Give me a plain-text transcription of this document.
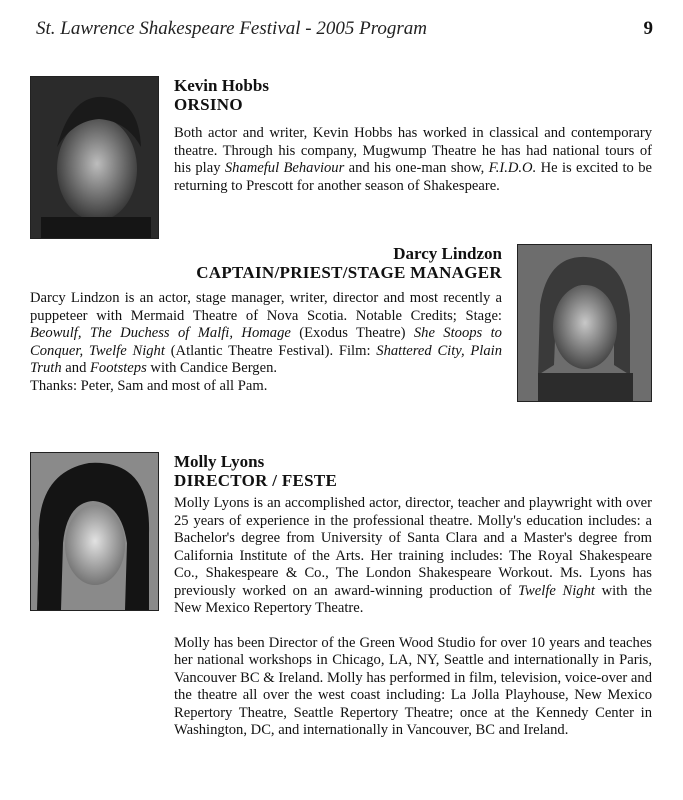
St. Lawrence Shakespeare Festival - 2005 Program	9
Kevin Hobbs
ORSINO

Both actor and writer, Kevin Hobbs has worked in classical and contemporary theatre. Through his company, Mugwump Theatre he has had national tours of his play Shameful Behaviour and his one-man show, F.I.D.O. He is excited to be returning to Prescott for another season of Shakespeare.

Darcy Lindzon
CAPTAIN/PRIEST/STAGE MANAGER

Darcy Lindzon is an actor, stage manager, writer, director and most recently a puppeteer with Mermaid Theatre of Nova Scotia. Notable Credits; Stage: Beowulf, The Duchess of Malfi, Homage (Exodus Theatre) She Stoops to Conquer, Twelfe Night (Atlantic Theatre Festival). Film: Shattered City, Plain Truth and Footsteps with Candice Bergen.

Thanks: Peter, Sam and most of all Pam.

Molly Lyons
DIRECTOR / FESTE

Molly Lyons is an accomplished actor, director, teacher and playwright with over 25 years of experience in the professional theatre. Molly's education includes: a Bachelor's degree from University of Santa Clara and a Master's degree from California Institute of the Arts. Her training includes: The Royal Shakespeare Co., Shakespeare & Co., The London Shakespeare Workout. Ms. Lyons has previously worked on an award-winning production of Twelfe Night with the New Mexico Repertory Theatre.

Molly has been Director of the Green Wood Studio for over 10 years and teaches her national workshops in Chicago, LA, NY, Seattle and internationally in Paris, Vancouver BC & Ireland. Molly has performed in film, television, voice-over and the theatre all over the west coast including: La Jolla Playhouse, New Mexico Repertory Theatre, Seattle Repertory Theatre; once at the Kennedy Center in Washington, DC, and internationally in Vancouver, BC and Ireland.
